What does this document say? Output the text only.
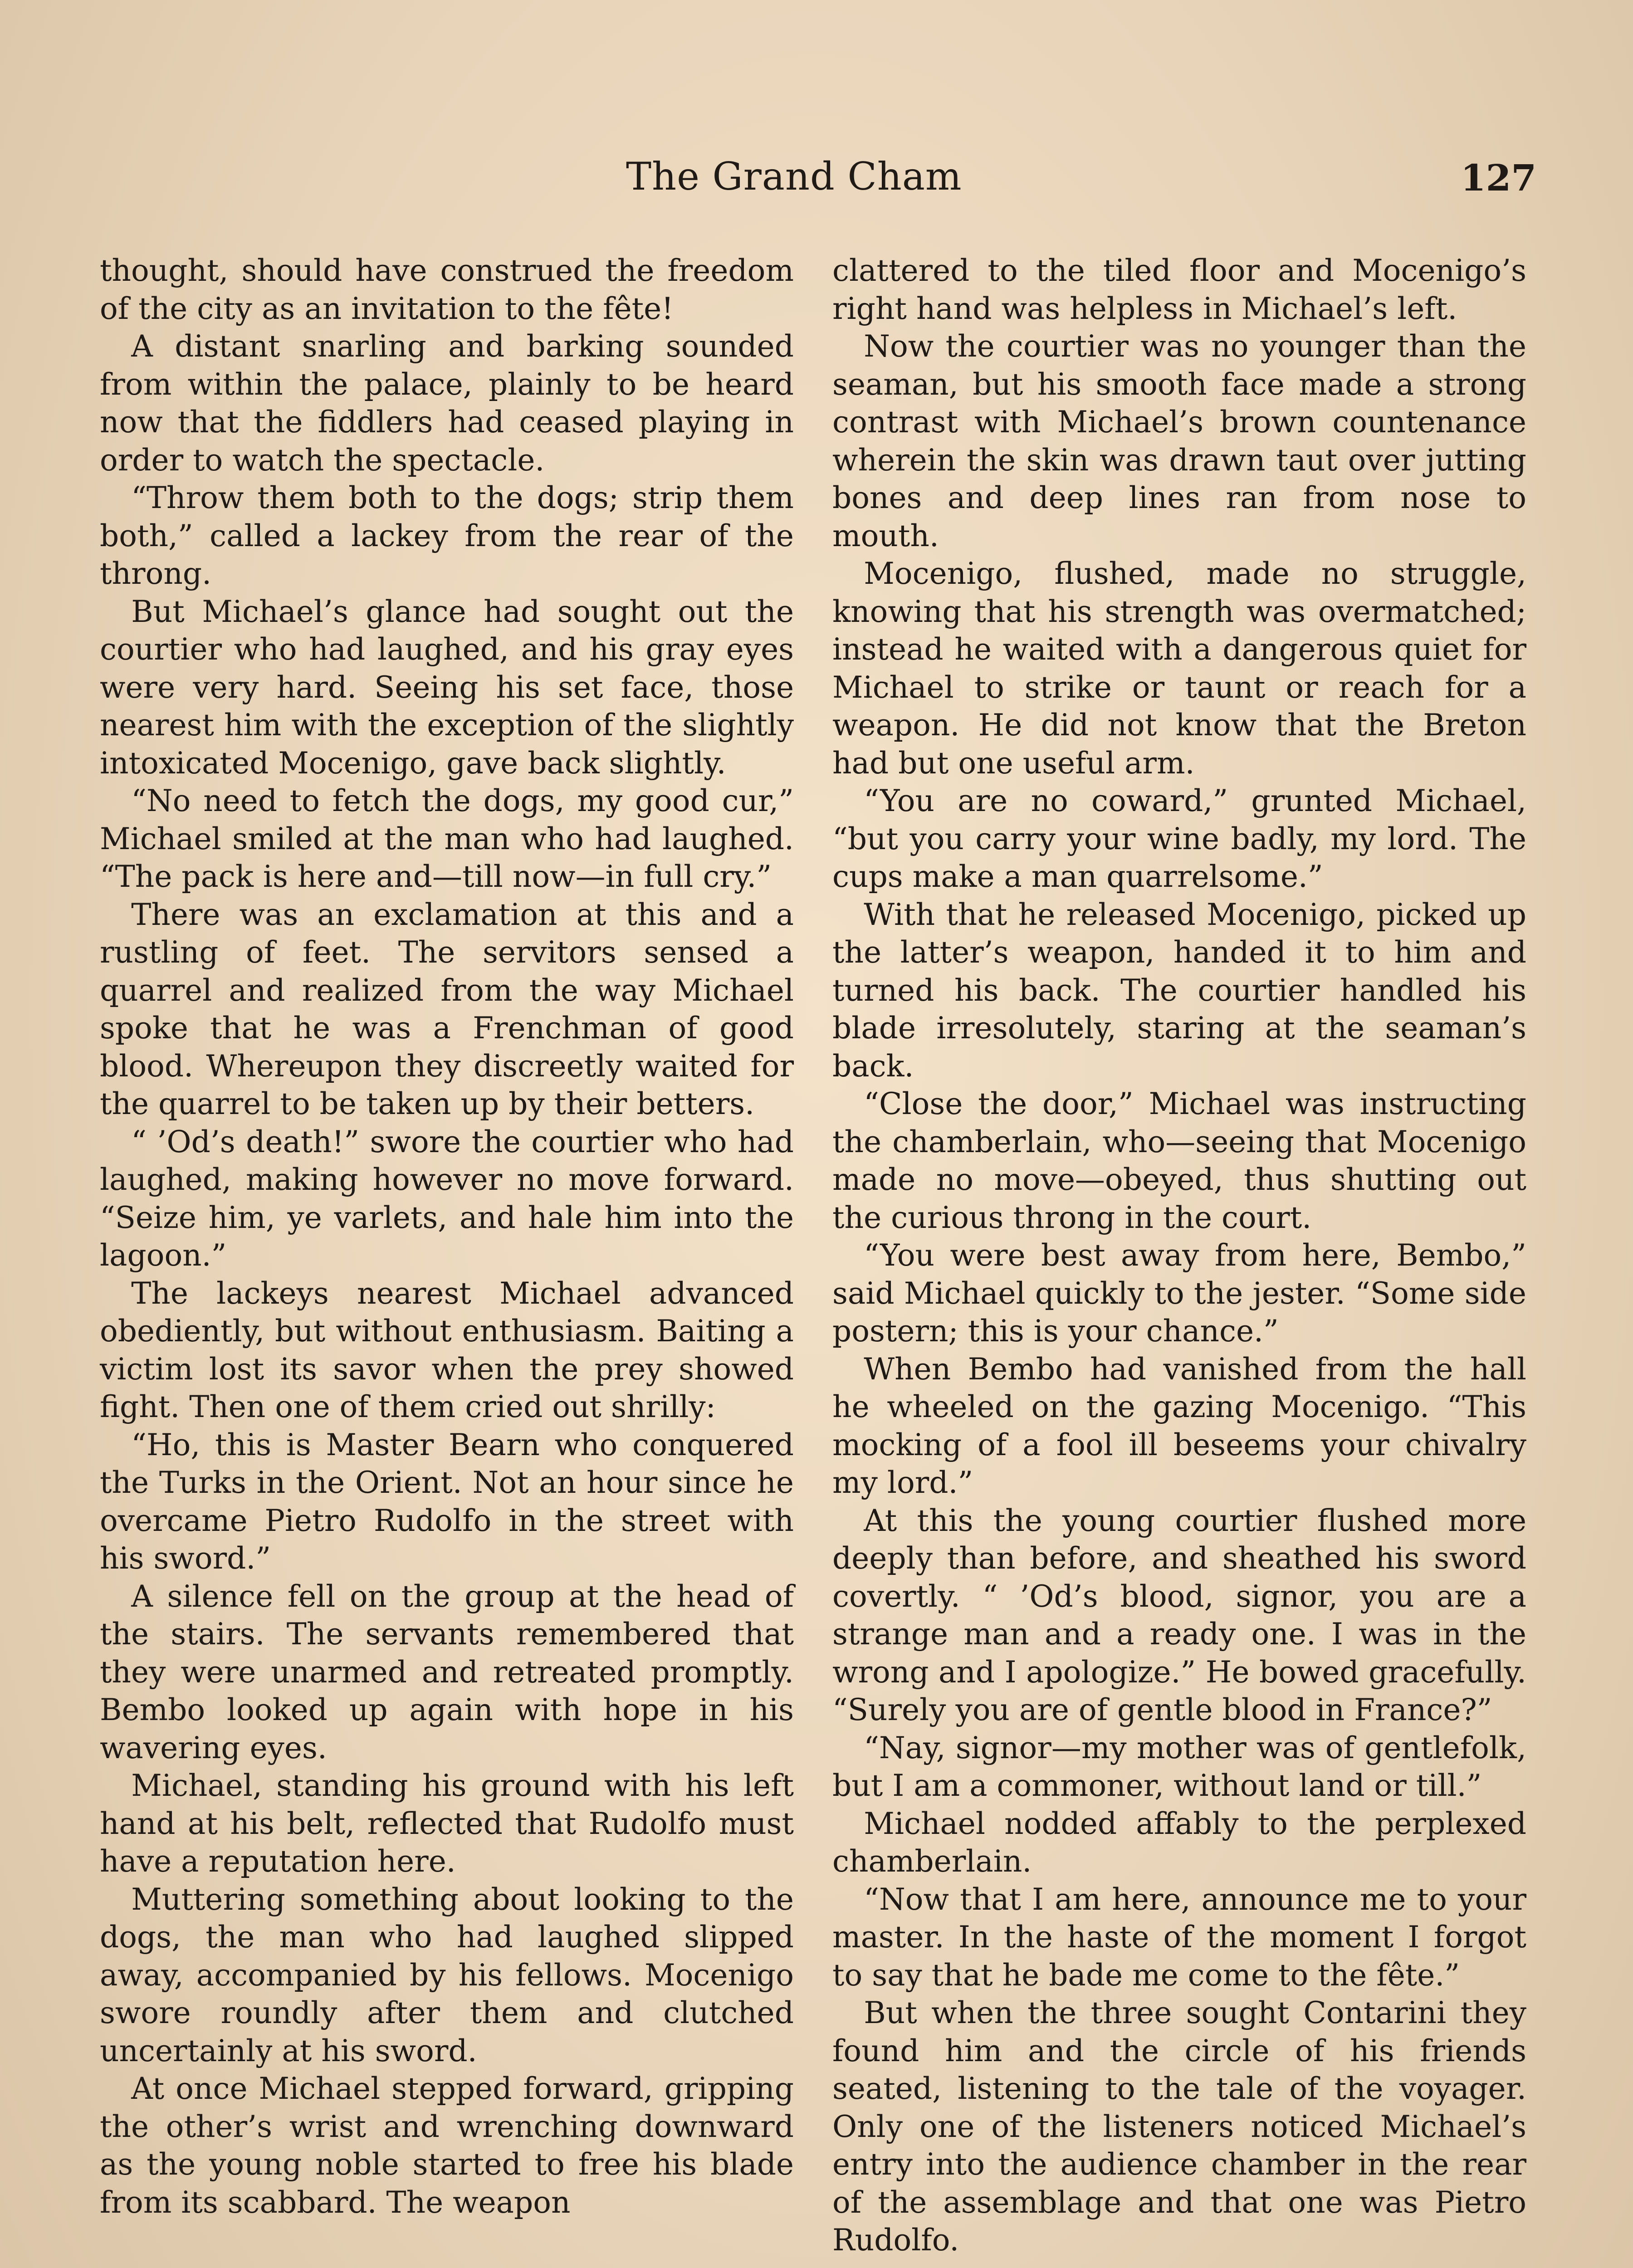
The Grand Cham	127

thought, should have construed the freedom of the city as an invitation to the fête!

A distant snarling and barking sounded from within the palace, plainly to be heard now that the fiddlers had ceased playing in order to watch the spectacle.

“Throw them both to the dogs; strip them both,” called a lackey from the rear of the throng.

But Michael’s glance had sought out the courtier who had laughed, and his gray eyes were very hard. Seeing his set face, those nearest him with the exception of the slightly intoxicated Mocenigo, gave back slightly.

“No need to fetch the dogs, my good cur,” Michael smiled at the man who had laughed. “The pack is here and—till now—in full cry.”

There was an exclamation at this and a rustling of feet. The servitors sensed a quarrel and realized from the way Michael spoke that he was a Frenchman of good blood. Whereupon they discreetly waited for the quarrel to be taken up by their betters.

“ ’Od’s death!” swore the courtier who had laughed, making however no move forward. “Seize him, ye varlets, and hale him into the lagoon.”

The lackeys nearest Michael advanced obediently, but without enthusiasm. Baiting a victim lost its savor when the prey showed fight. Then one of them cried out shrilly:

“Ho, this is Master Bearn who conquered the Turks in the Orient. Not an hour since he overcame Pietro Rudolfo in the street with his sword.”

A silence fell on the group at the head of the stairs. The servants remembered that they were unarmed and retreated promptly. Bembo looked up again with hope in his wavering eyes.

Michael, standing his ground with his left hand at his belt, reflected that Rudolfo must have a reputation here.

Muttering something about looking to the dogs, the man who had laughed slipped away, accompanied by his fellows. Mocenigo swore roundly after them and clutched uncertainly at his sword.

At once Michael stepped forward, gripping the other’s wrist and wrenching downward as the young noble started to free his blade from its scabbard. The weapon

clattered to the tiled floor and Mocenigo’s right hand was helpless in Michael’s left.

Now the courtier was no younger than the seaman, but his smooth face made a strong contrast with Michael’s brown countenance wherein the skin was drawn taut over jutting bones and deep lines ran from nose to mouth.

Mocenigo, flushed, made no struggle, knowing that his strength was overmatched; instead he waited with a dangerous quiet for Michael to strike or taunt or reach for a weapon. He did not know that the Breton had but one useful arm.

“You are no coward,” grunted Michael, “but you carry your wine badly, my lord. The cups make a man quarrelsome.”

With that he released Mocenigo, picked up the latter’s weapon, handed it to him and turned his back. The courtier handled his blade irresolutely, staring at the seaman’s back.

“Close the door,” Michael was instructing the chamberlain, who—seeing that Mocenigo made no move—obeyed, thus shutting out the curious throng in the court.

“You were best away from here, Bembo,” said Michael quickly to the jester. “Some side postern; this is your chance.”

When Bembo had vanished from the hall he wheeled on the gazing Mocenigo. “This mocking of a fool ill beseems your chivalry my lord.”

At this the young courtier flushed more deeply than before, and sheathed his sword covertly. “ ’Od’s blood, signor, you are a strange man and a ready one. I was in the wrong and I apologize.” He bowed gracefully. “Surely you are of gentle blood in France?”

“Nay, signor—my mother was of gentlefolk, but I am a commoner, without land or till.”

Michael nodded affably to the perplexed chamberlain.

“Now that I am here, announce me to your master. In the haste of the moment I forgot to say that he bade me come to the fête.”

But when the three sought Contarini they found him and the circle of his friends seated, listening to the tale of the voyager. Only one of the listeners noticed Michael’s entry into the audience chamber in the rear of the assemblage and that one was Pietro Rudolfo.
